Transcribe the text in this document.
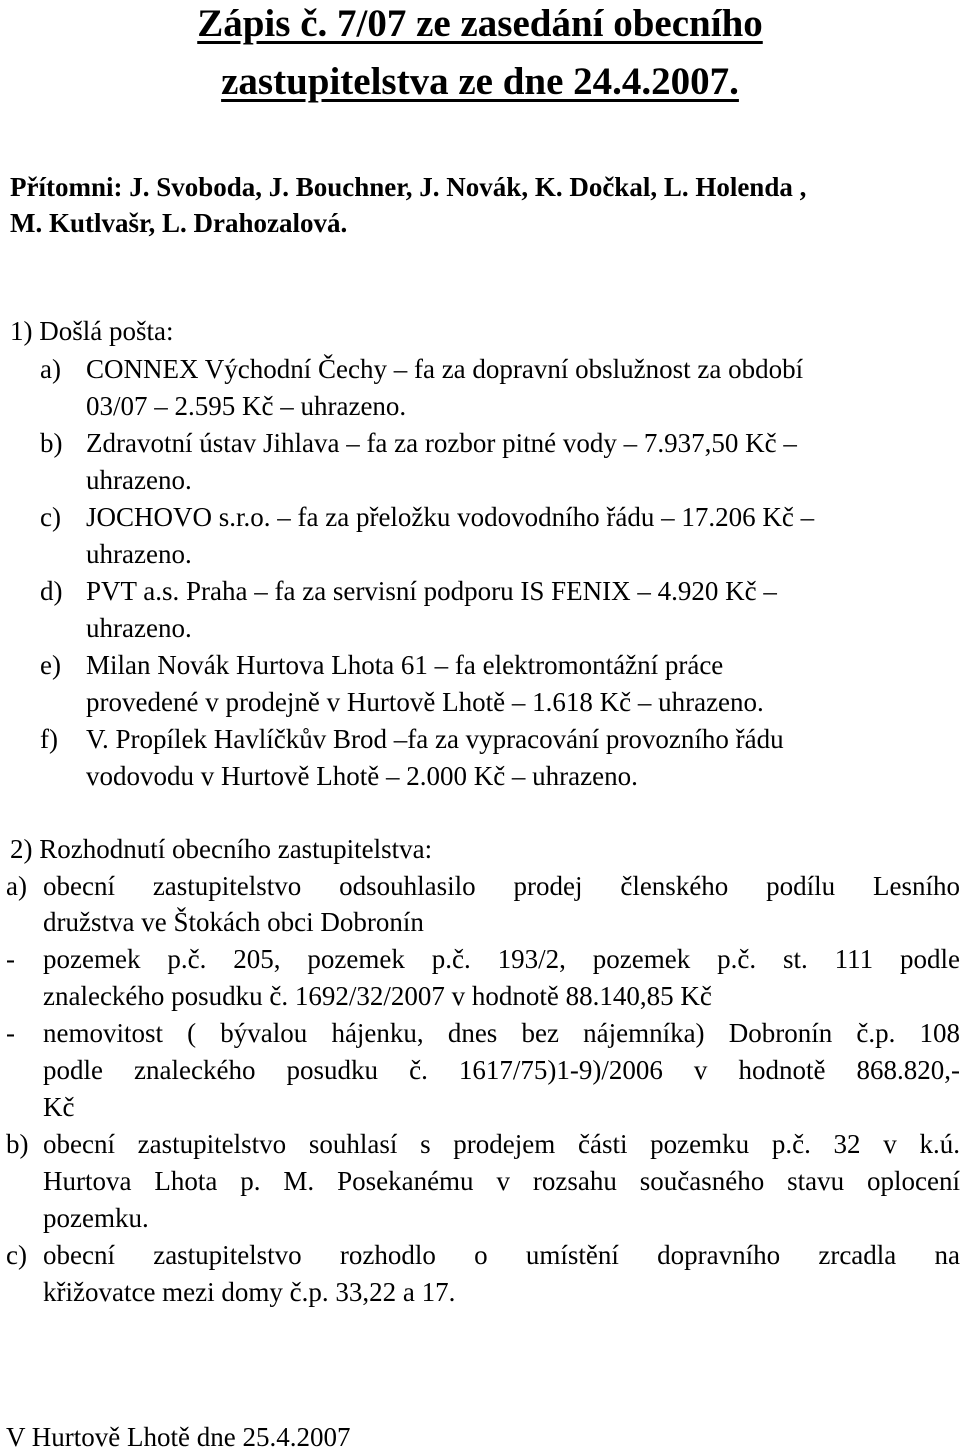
Zápis č. 7/07 ze zasedání obecního
zastupitelstva ze dne 24.4.2007.
Přítomni: J. Svoboda, J. Bouchner, J. Novák, K. Dočkal, L. Holenda ,
M. Kutlvašr, L. Drahozalová.
1) Došlá pošta:
a) CONNEX Východní Čechy – fa za dopravní obslužnost za období
03/07 – 2.595 Kč – uhrazeno.
b) Zdravotní ústav Jihlava – fa za rozbor pitné vody – 7.937,50 Kč –
uhrazeno.
c) JOCHOVO s.r.o. – fa za přeložku vodovodního řádu – 17.206 Kč –
uhrazeno.
d) PVT a.s. Praha – fa za servisní podporu IS FENIX – 4.920 Kč –
uhrazeno.
e) Milan Novák Hurtova Lhota 61 – fa elektromontážní práce
provedené v prodejně v Hurtově Lhotě – 1.618 Kč – uhrazeno.
f) V. Propílek Havlíčkův Brod –fa za vypracování provozního řádu
vodovodu v Hurtově Lhotě – 2.000 Kč – uhrazeno.
2) Rozhodnutí obecního zastupitelstva:
a) obecní zastupitelstvo odsouhlasilo prodej členského podílu Lesního
družstva ve Štokách obci Dobronín
- pozemek p.č. 205, pozemek p.č. 193/2, pozemek p.č. st. 111 podle
znaleckého posudku č. 1692/32/2007 v hodnotě 88.140,85 Kč
- nemovitost ( bývalou hájenku, dnes bez nájemníka) Dobronín č.p. 108
podle znaleckého posudku č. 1617/75)1-9)/2006 v hodnotě 868.820,-
Kč
b) obecní zastupitelstvo souhlasí s prodejem části pozemku p.č. 32 v k.ú.
Hurtova Lhota p. M. Posekanému v rozsahu současného stavu oplocení
pozemku.
c) obecní zastupitelstvo rozhodlo o umístění dopravního zrcadla na
křižovatce mezi domy č.p. 33,22 a 17.
V Hurtově Lhotě dne 25.4.2007
